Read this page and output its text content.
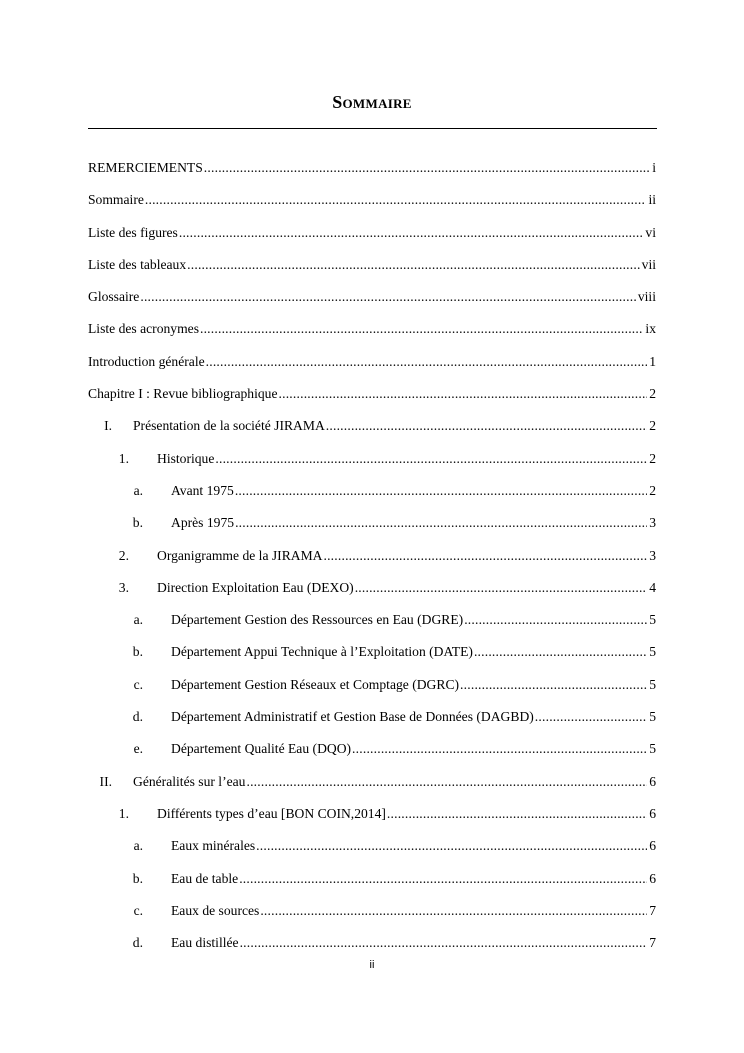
Sommaire
REMERCIEMENTS .....	i
Sommaire .....	ii
Liste des figures .....	vi
Liste des tableaux .....	vii
Glossaire .....	viii
Liste des acronymes .....	ix
Introduction générale .....	1
Chapitre I : Revue bibliographique .....	2
I. Présentation de la société JIRAMA .....	2
1. Historique .....	2
a. Avant 1975 .....	2
b. Après 1975 .....	3
2. Organigramme de la JIRAMA .....	3
3. Direction Exploitation Eau (DEXO) .....	4
a. Département Gestion des Ressources en Eau (DGRE) .....	5
b. Département Appui Technique à l’Exploitation (DATE) .....	5
c. Département Gestion Réseaux et Comptage (DGRC) .....	5
d. Département Administratif et Gestion Base de Données (DAGBD) .....	5
e. Département Qualité Eau (DQO) .....	5
II. Généralités sur l’eau .....	6
1. Différents types d’eau [BON COIN,2014] .....	6
a. Eaux minérales .....	6
b. Eau de table .....	6
c. Eaux de sources .....	7
d. Eau distillée .....	7
ii
